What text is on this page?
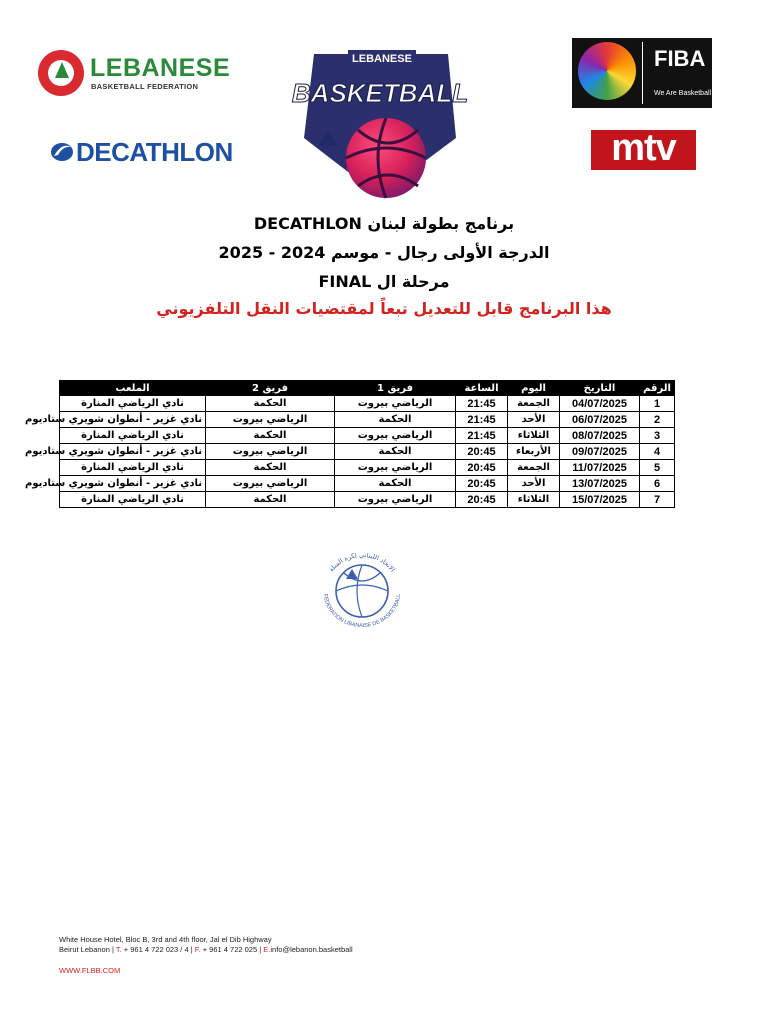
LEBANESE
BASKETBALL FEDERATION
DECATHLON
LEBANESE
BASKETBALL
FIBA
We Are Basketball
mtv
برنامج بطولة لبنان DECATHLON
الدرجة الأولى رجال - موسم 2024 - 2025
مرحلة ال FINAL
هذا البرنامج قابل للتعديل تبعاً لمقتضيات النقل التلفزيوني
الرقم	التاريخ	اليوم	الساعة	فريق 1	فريق 2	الملعب
1	04/07/2025	الجمعة	21:45	الرياضي بيروت	الحكمة	نادي الرياضي المنارة
2	06/07/2025	الأحد	21:45	الحكمة	الرياضي بيروت	نادي غزير - أنطوان شويري ستاديوم
3	08/07/2025	الثلاثاء	21:45	الرياضي بيروت	الحكمة	نادي الرياضي المنارة
4	09/07/2025	الأربعاء	20:45	الحكمة	الرياضي بيروت	نادي غزير - أنطوان شويري ستاديوم
5	11/07/2025	الجمعة	20:45	الرياضي بيروت	الحكمة	نادي الرياضي المنارة
6	13/07/2025	الأحد	20:45	الحكمة	الرياضي بيروت	نادي غزير - أنطوان شويري ستاديوم
7	15/07/2025	الثلاثاء	20:45	الرياضي بيروت	الحكمة	نادي الرياضي المنارة
الاتحاد اللبناني لكرة السلة
FEDERATION LIBANAISE DE BASKETBALL
White House Hotel, Bloc B, 3rd and 4th floor, Jal el Dib Highway
Beirut Lebanon | T. + 961 4 722 023 / 4 | F. + 961 4 722 025 | E.info@lebanon.basketball
WWW.FLBB.COM
